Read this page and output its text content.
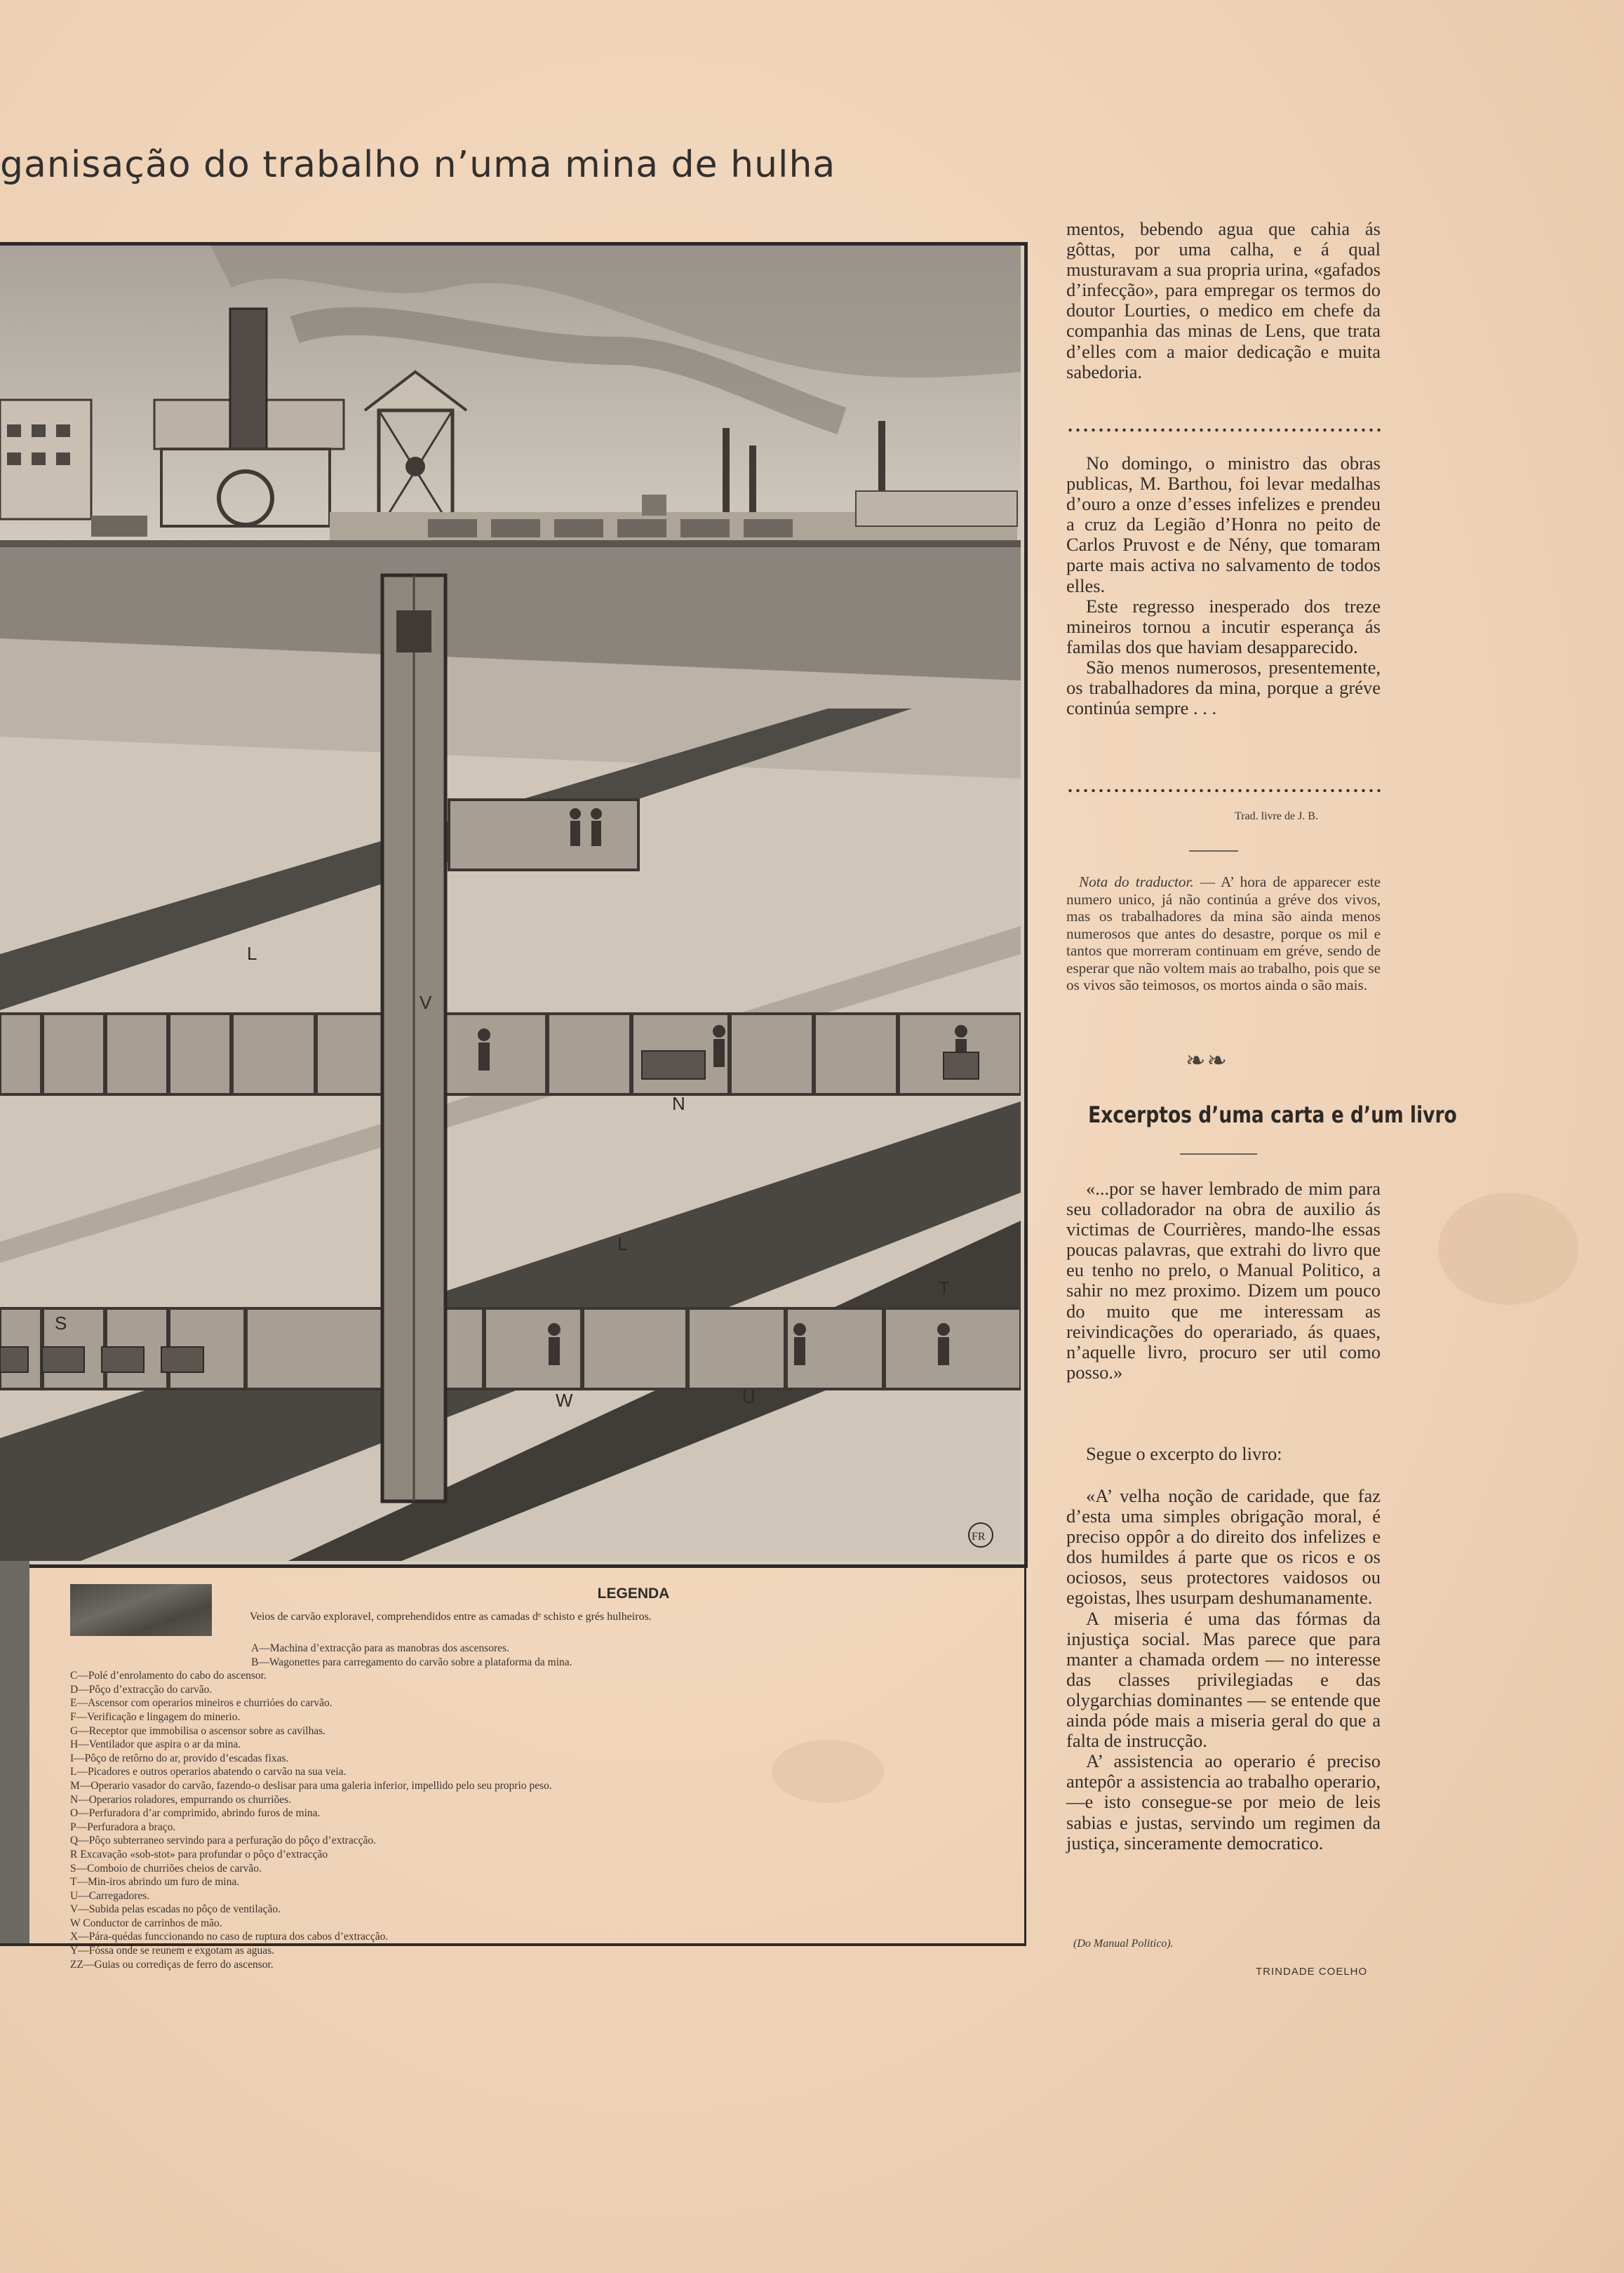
ganisação do trabalho n’uma mina de hulha
L
V
N
L
T
S
W	U
FR
LEGENDA
Veios de carvão exploravel, comprehendidos entre as camadas dᵉ schisto e grés hulheiros.
A—Machina d’extracção para as manobras dos ascensores.
B—Wagonettes para carregamento do carvão sobre a plataforma da mina.
C—Polé d’enrolamento do cabo do ascensor.
D—Pôço d’extracção do carvão.
E—Ascensor com operarios mineiros e churrióes do carvão.
F—Verificação e lingagem do minerio.
G—Receptor que immobilisa o ascensor sobre as cavilhas.
H—Ventilador que aspira o ar da mina.
I—Pôço de retôrno do ar, provido d’escadas fixas.
L—Picadores e outros operarios abatendo o carvão na sua veia.
M—Operario vasador do carvão, fazendo-o deslisar para uma galeria inferior, impellido pelo seu proprio peso.
N—Operarios roladores, empurrando os churriões.
O—Perfuradora d’ar comprimido, abrindo furos de mina.
P—Perfuradora a braço.
Q—Pôço subterraneo servindo para a perfuração do pôço d’extracção.
R Excavação «sob-stot» para profundar o pôço d’extracção
S—Comboio de churriões cheios de carvão.
T—Min-iros abrindo um furo de mina.
U—Carregadores.
V—Subida pelas escadas no pôço de ventilação.
W Conductor de carrinhos de mão.
X—Pára-quédas funccionando no caso de ruptura dos cabos d’extracção.
Y—Fóssa onde se reunem e exgotam as aguas.
ZZ—Guias ou corrediças de ferro do ascensor.

mentos, bebendo agua que cahia ás gôttas, por uma calha, e á qual musturavam a sua propria urina, «gafados d’infecção», para empregar os termos do doutor Lourties, o medico em chefe da companhia das minas de Lens, que trata d’elles com a maior dedicação e muita sabedoria.

No domingo, o ministro das obras publicas, M. Barthou, foi levar medalhas d’ouro a onze d’esses infelizes e prendeu a cruz da Legião d’Honra no peito de Carlos Pruvost e de Nény, que tomaram parte mais activa no salvamento de todos elles.

Este regresso inesperado dos treze mineiros tornou a incutir esperança ás familas dos que haviam desapparecido.

São menos numerosos, presentemente, os trabalhadores da mina, porque a gréve continúa sempre . . .

Trad. livre de J. B.

Nota do traductor. — A’ hora de apparecer este numero unico, já não continúa a gréve dos vivos, mas os trabalhadores da mina são ainda menos numerosos que antes do desastre, porque os mil e tantos que morreram continuam em gréve, sendo de esperar que não voltem mais ao trabalho, pois que se os vivos são teimosos, os mortos ainda o são mais.

❧❧
Excerptos d’uma carta e d’um livro

«...por se haver lembrado de mim para seu colladorador na obra de auxilio ás victimas de Courrières, mando-lhe essas poucas palavras, que extrahi do livro que eu tenho no prelo, o Manual Politico, a sahir no mez proximo. Dizem um pouco do muito que me interessam as reivindicações do operariado, ás quaes, n’aquelle livro, procuro ser util como posso.»

Segue o excerpto do livro:

«A’ velha noção de caridade, que faz d’esta uma simples obrigação moral, é preciso oppôr a do direito dos infelizes e dos humildes á parte que os ricos e os ociosos, seus protectores vaidosos ou egoistas, lhes usurpam deshumanamente.

A miseria é uma das fórmas da injustiça social. Mas parece que para manter a chamada ordem — no interesse das classes privilegiadas e das olygarchias dominantes — se entende que ainda póde mais a miseria geral do que a falta de instrucção.

A’ assistencia ao operario é preciso antepôr a assistencia ao trabalho operario,—e isto consegue-se por meio de leis sabias e justas, servindo um regimen da justiça, sinceramente democratico.

(Do Manual Politico).
TRINDADE COELHO
